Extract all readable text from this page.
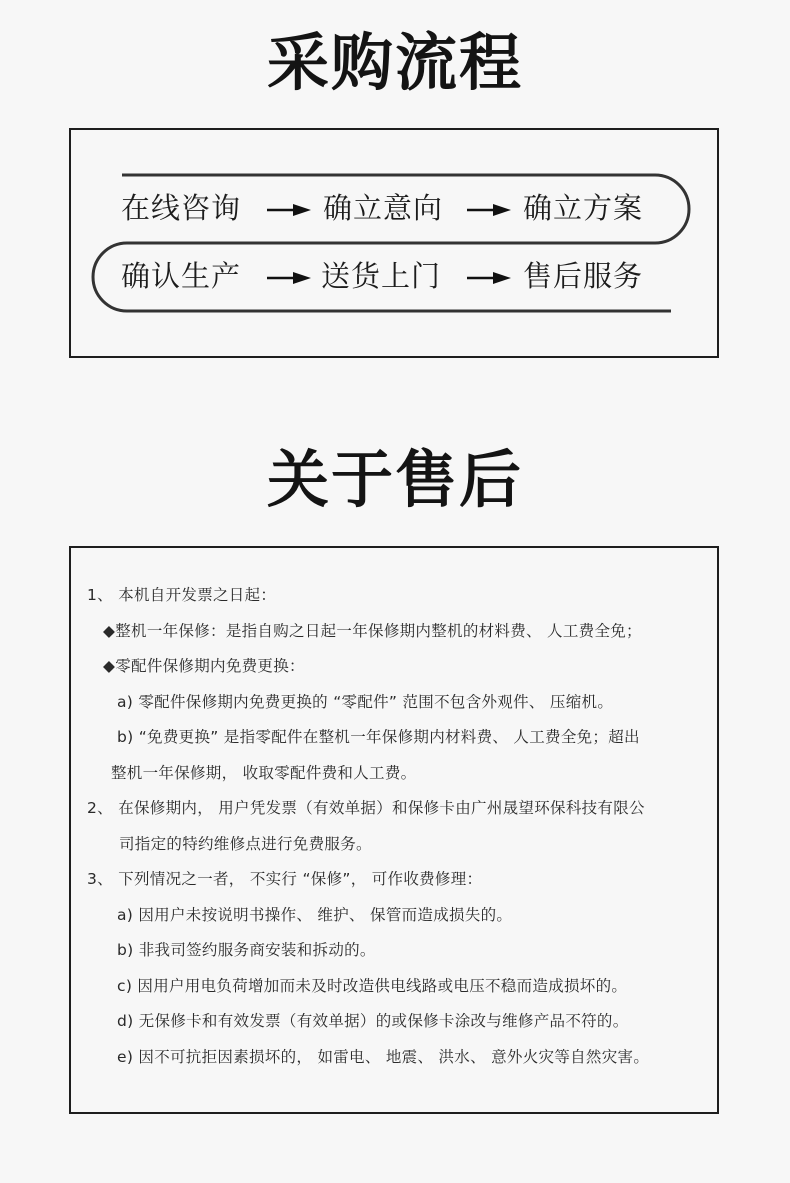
采购流程
在线咨询	确立意向	确立方案
确认生产	送货上门	售后服务
关于售后
1、 本机自开发票之日起：
◆整机一年保修：是指自购之日起一年保修期内整机的材料费、 人工费全免；
◆零配件保修期内免费更换：
a) 零配件保修期内免费更换的 “零配件” 范围不包含外观件、 压缩机。
b) “免费更换” 是指零配件在整机一年保修期内材料费、 人工费全免；超出
整机一年保修期， 收取零配件费和人工费。
2、 在保修期内， 用户凭发票（有效单据）和保修卡由广州晟望环保科技有限公
司指定的特约维修点进行免费服务。
3、 下列情况之一者， 不实行 “保修”， 可作收费修理：
a) 因用户未按说明书操作、 维护、 保管而造成损失的。
b) 非我司签约服务商安装和拆动的。
c) 因用户用电负荷增加而未及时改造供电线路或电压不稳而造成损坏的。
d) 无保修卡和有效发票（有效单据）的或保修卡涂改与维修产品不符的。
e) 因不可抗拒因素损坏的， 如雷电、 地震、 洪水、 意外火灾等自然灾害。
